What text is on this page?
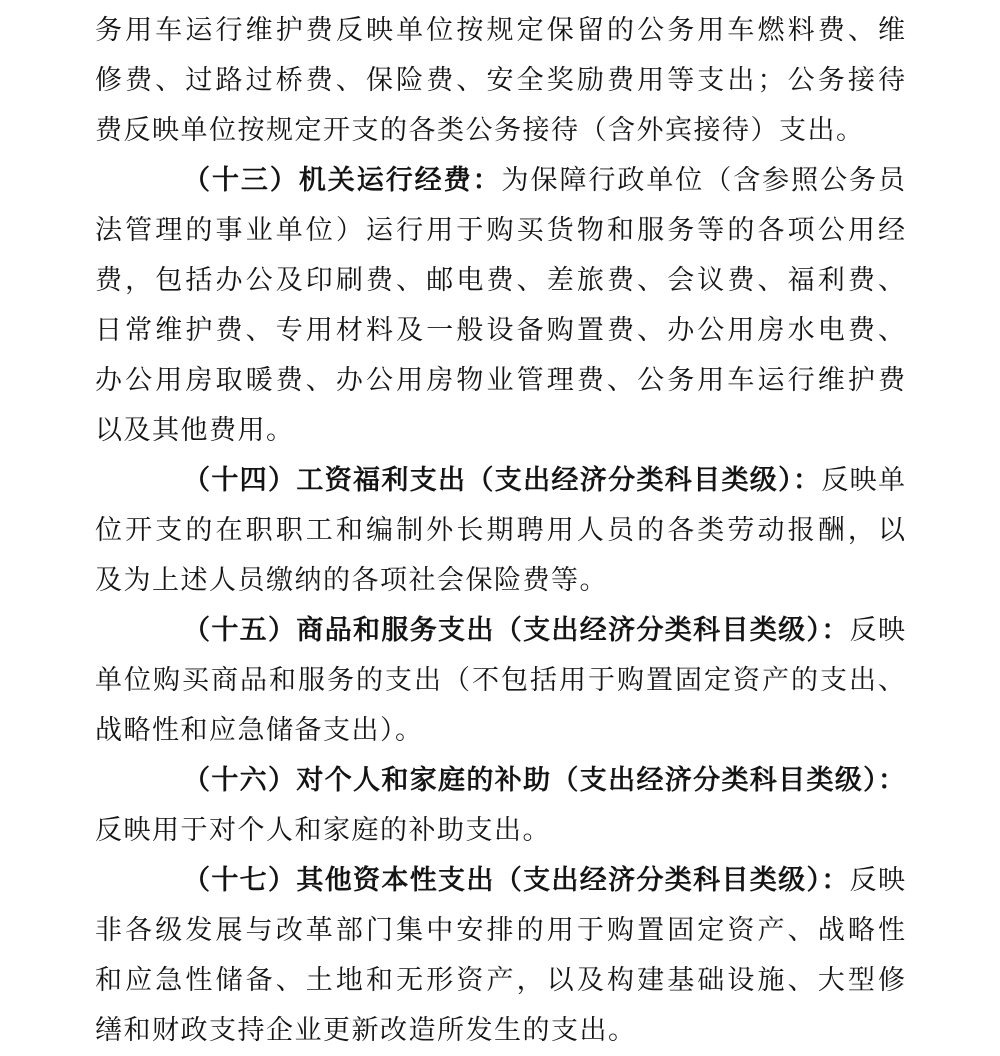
务用车运行维护费反映单位按规定保留的公务用车燃料费、维
修费、过路过桥费、保险费、安全奖励费用等支出；公务接待
费反映单位按规定开支的各类公务接待（含外宾接待）支出。
（十三）机关运行经费：为保障行政单位（含参照公务员
法管理的事业单位）运行用于购买货物和服务等的各项公用经
费，包括办公及印刷费、邮电费、差旅费、会议费、福利费、
日常维护费、专用材料及一般设备购置费、办公用房水电费、
办公用房取暖费、办公用房物业管理费、公务用车运行维护费
以及其他费用。
（十四）工资福利支出（支出经济分类科目类级）：反映单
位开支的在职职工和编制外长期聘用人员的各类劳动报酬，以
及为上述人员缴纳的各项社会保险费等。
（十五）商品和服务支出（支出经济分类科目类级）：反映
单位购买商品和服务的支出（不包括用于购置固定资产的支出、
战略性和应急储备支出）。
（十六）对个人和家庭的补助（支出经济分类科目类级）：
反映用于对个人和家庭的补助支出。
（十七）其他资本性支出（支出经济分类科目类级）：反映
非各级发展与改革部门集中安排的用于购置固定资产、战略性
和应急性储备、土地和无形资产，以及构建基础设施、大型修
缮和财政支持企业更新改造所发生的支出。
